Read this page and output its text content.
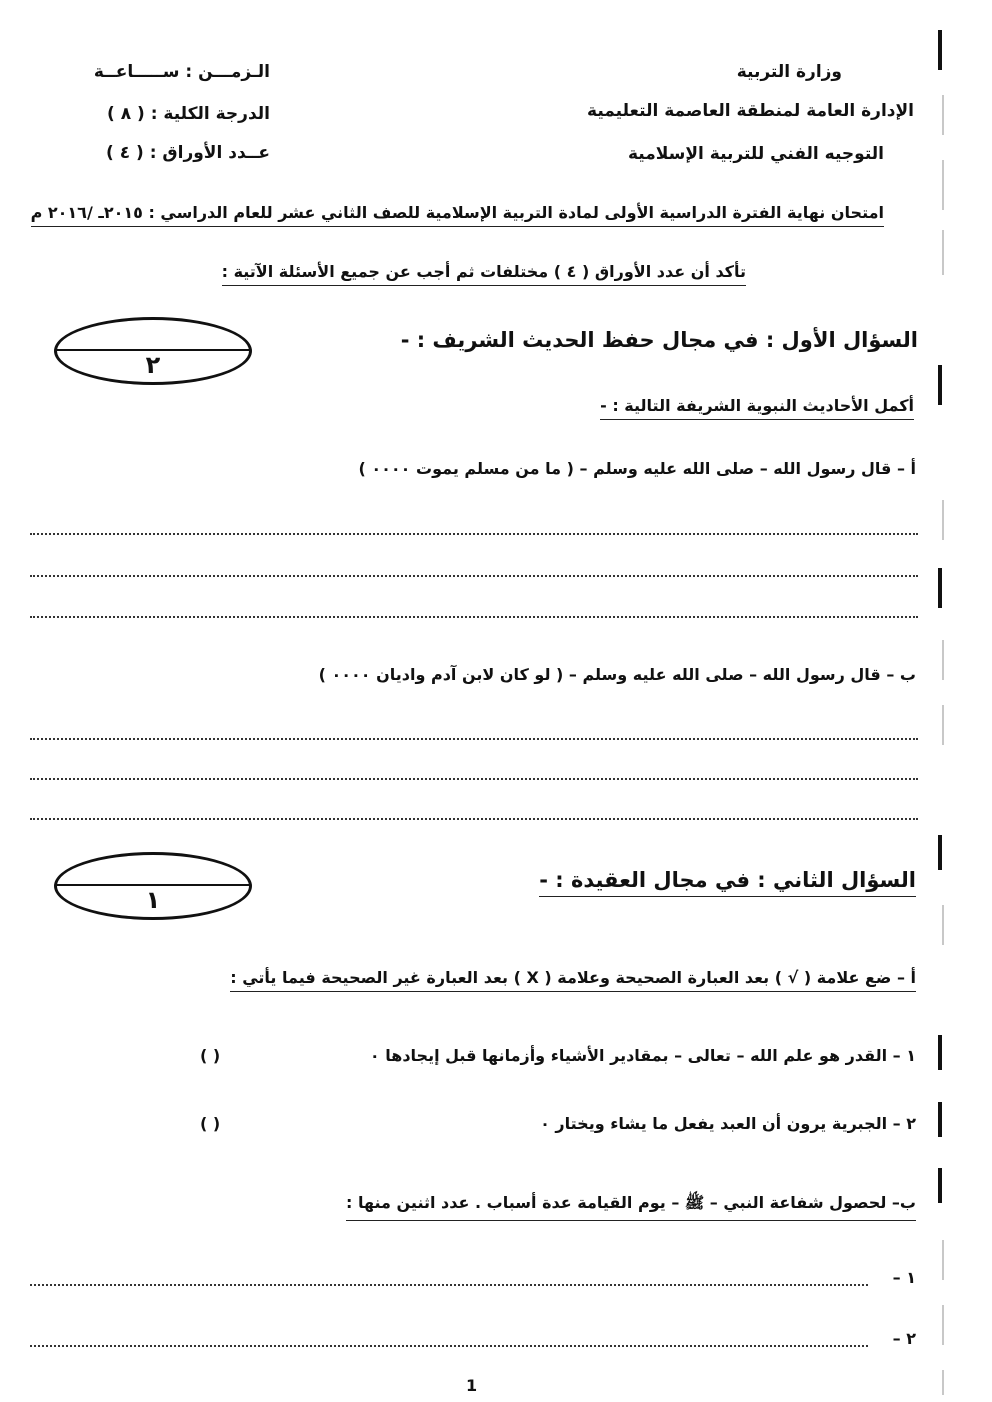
وزارة التربية
الإدارة العامة لمنطقة العاصمة التعليمية
التوجيه الفني للتربية الإسلامية
الـزمـــن : ســـــاعــة
الدرجة الكلية : ( ٨ )
عــدد الأوراق : ( ٤ )
امتحان نهاية الفترة الدراسية الأولى لمادة التربية الإسلامية للصف الثاني عشر للعام الدراسي : ٢٠١٥ـ /٢٠١٦ م
تأكد أن عدد الأوراق ( ٤ ) مختلفات ثم أجب عن جميع الأسئلة الآتية :
٢
السؤال الأول : في مجال حفظ الحديث الشريف : -
أكمل الأحاديث النبوية الشريفة التالية : -
أ – قال رسول الله – صلى الله عليه وسلم – ( ما من مسلم يموت ٠٠٠٠ )
ب – قال رسول الله – صلى الله عليه وسلم – ( لو كان لابن آدم واديان ٠٠٠٠ )
١
السؤال الثاني : في مجال العقيدة : -
أ – ضع علامة ( √ ) بعد العبارة الصحيحة وعلامة ( X ) بعد العبارة غير الصحيحة فيما يأتي :
١ – القدر هو علم الله – تعالى – بمقادير الأشياء وأزمانها قبل إيجادها ٠
( )
٢ – الجبرية يرون أن العبد يفعل ما يشاء ويختار ٠
( )
ب– لحصول شفاعة النبي – ﷺ – يوم القيامة عدة أسباب . عدد اثنين منها :
١ –
٢ –
1
